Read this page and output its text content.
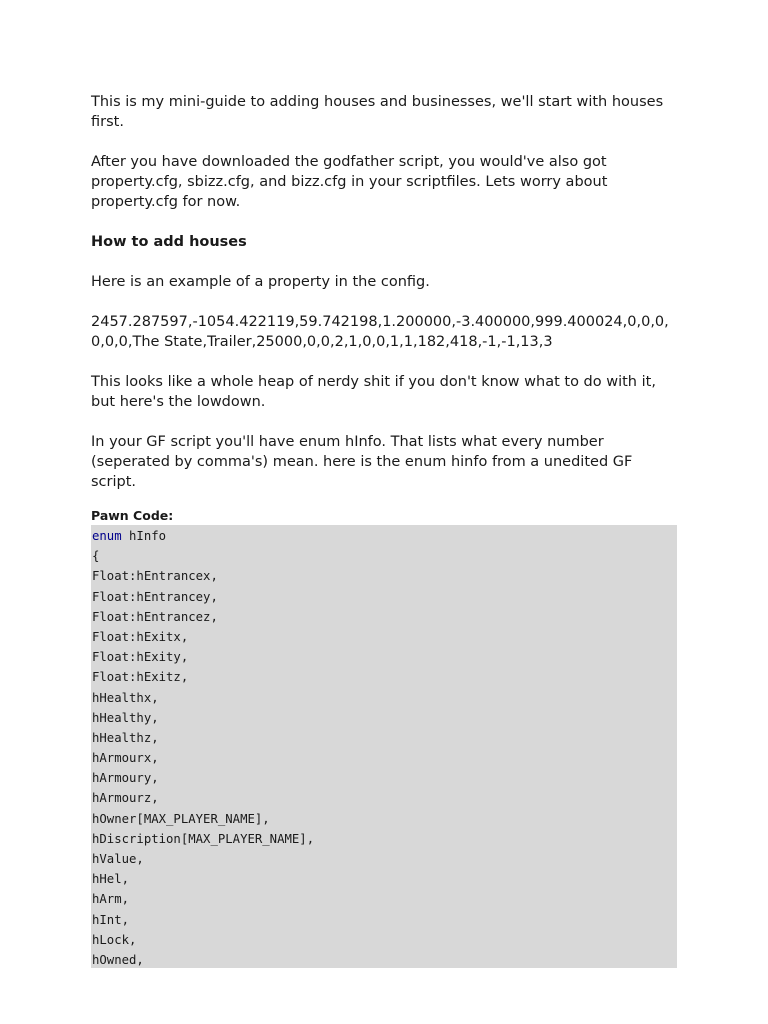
This is my mini-guide to adding houses and businesses, we'll start with houses first.

After you have downloaded the godfather script, you would've also got property.cfg, sbizz.cfg, and bizz.cfg in your scriptfiles. Lets worry about property.cfg for now.

How to add houses

Here is an example of a property in the config.

2457.287597,-1054.422119,59.742198,1.200000,-3.400000,999.400024,0,0,0,0,0,0,The State,Trailer,25000,0,0,2,1,0,0,1,1,182,418,-1,-1,13,3

This looks like a whole heap of nerdy shit if you don't know what to do with it, but here's the lowdown.

In your GF script you'll have enum hInfo. That lists what every number (seperated by comma's) mean. here is the enum hinfo from a unedited GF script.

Pawn Code:
enum hInfo
{
Float:hEntrancex,
Float:hEntrancey,
Float:hEntrancez,
Float:hExitx,
Float:hExity,
Float:hExitz,
hHealthx,
hHealthy,
hHealthz,
hArmourx,
hArmoury,
hArmourz,
hOwner[MAX_PLAYER_NAME],
hDiscription[MAX_PLAYER_NAME],
hValue,
hHel,
hArm,
hInt,
hLock,
hOwned,
